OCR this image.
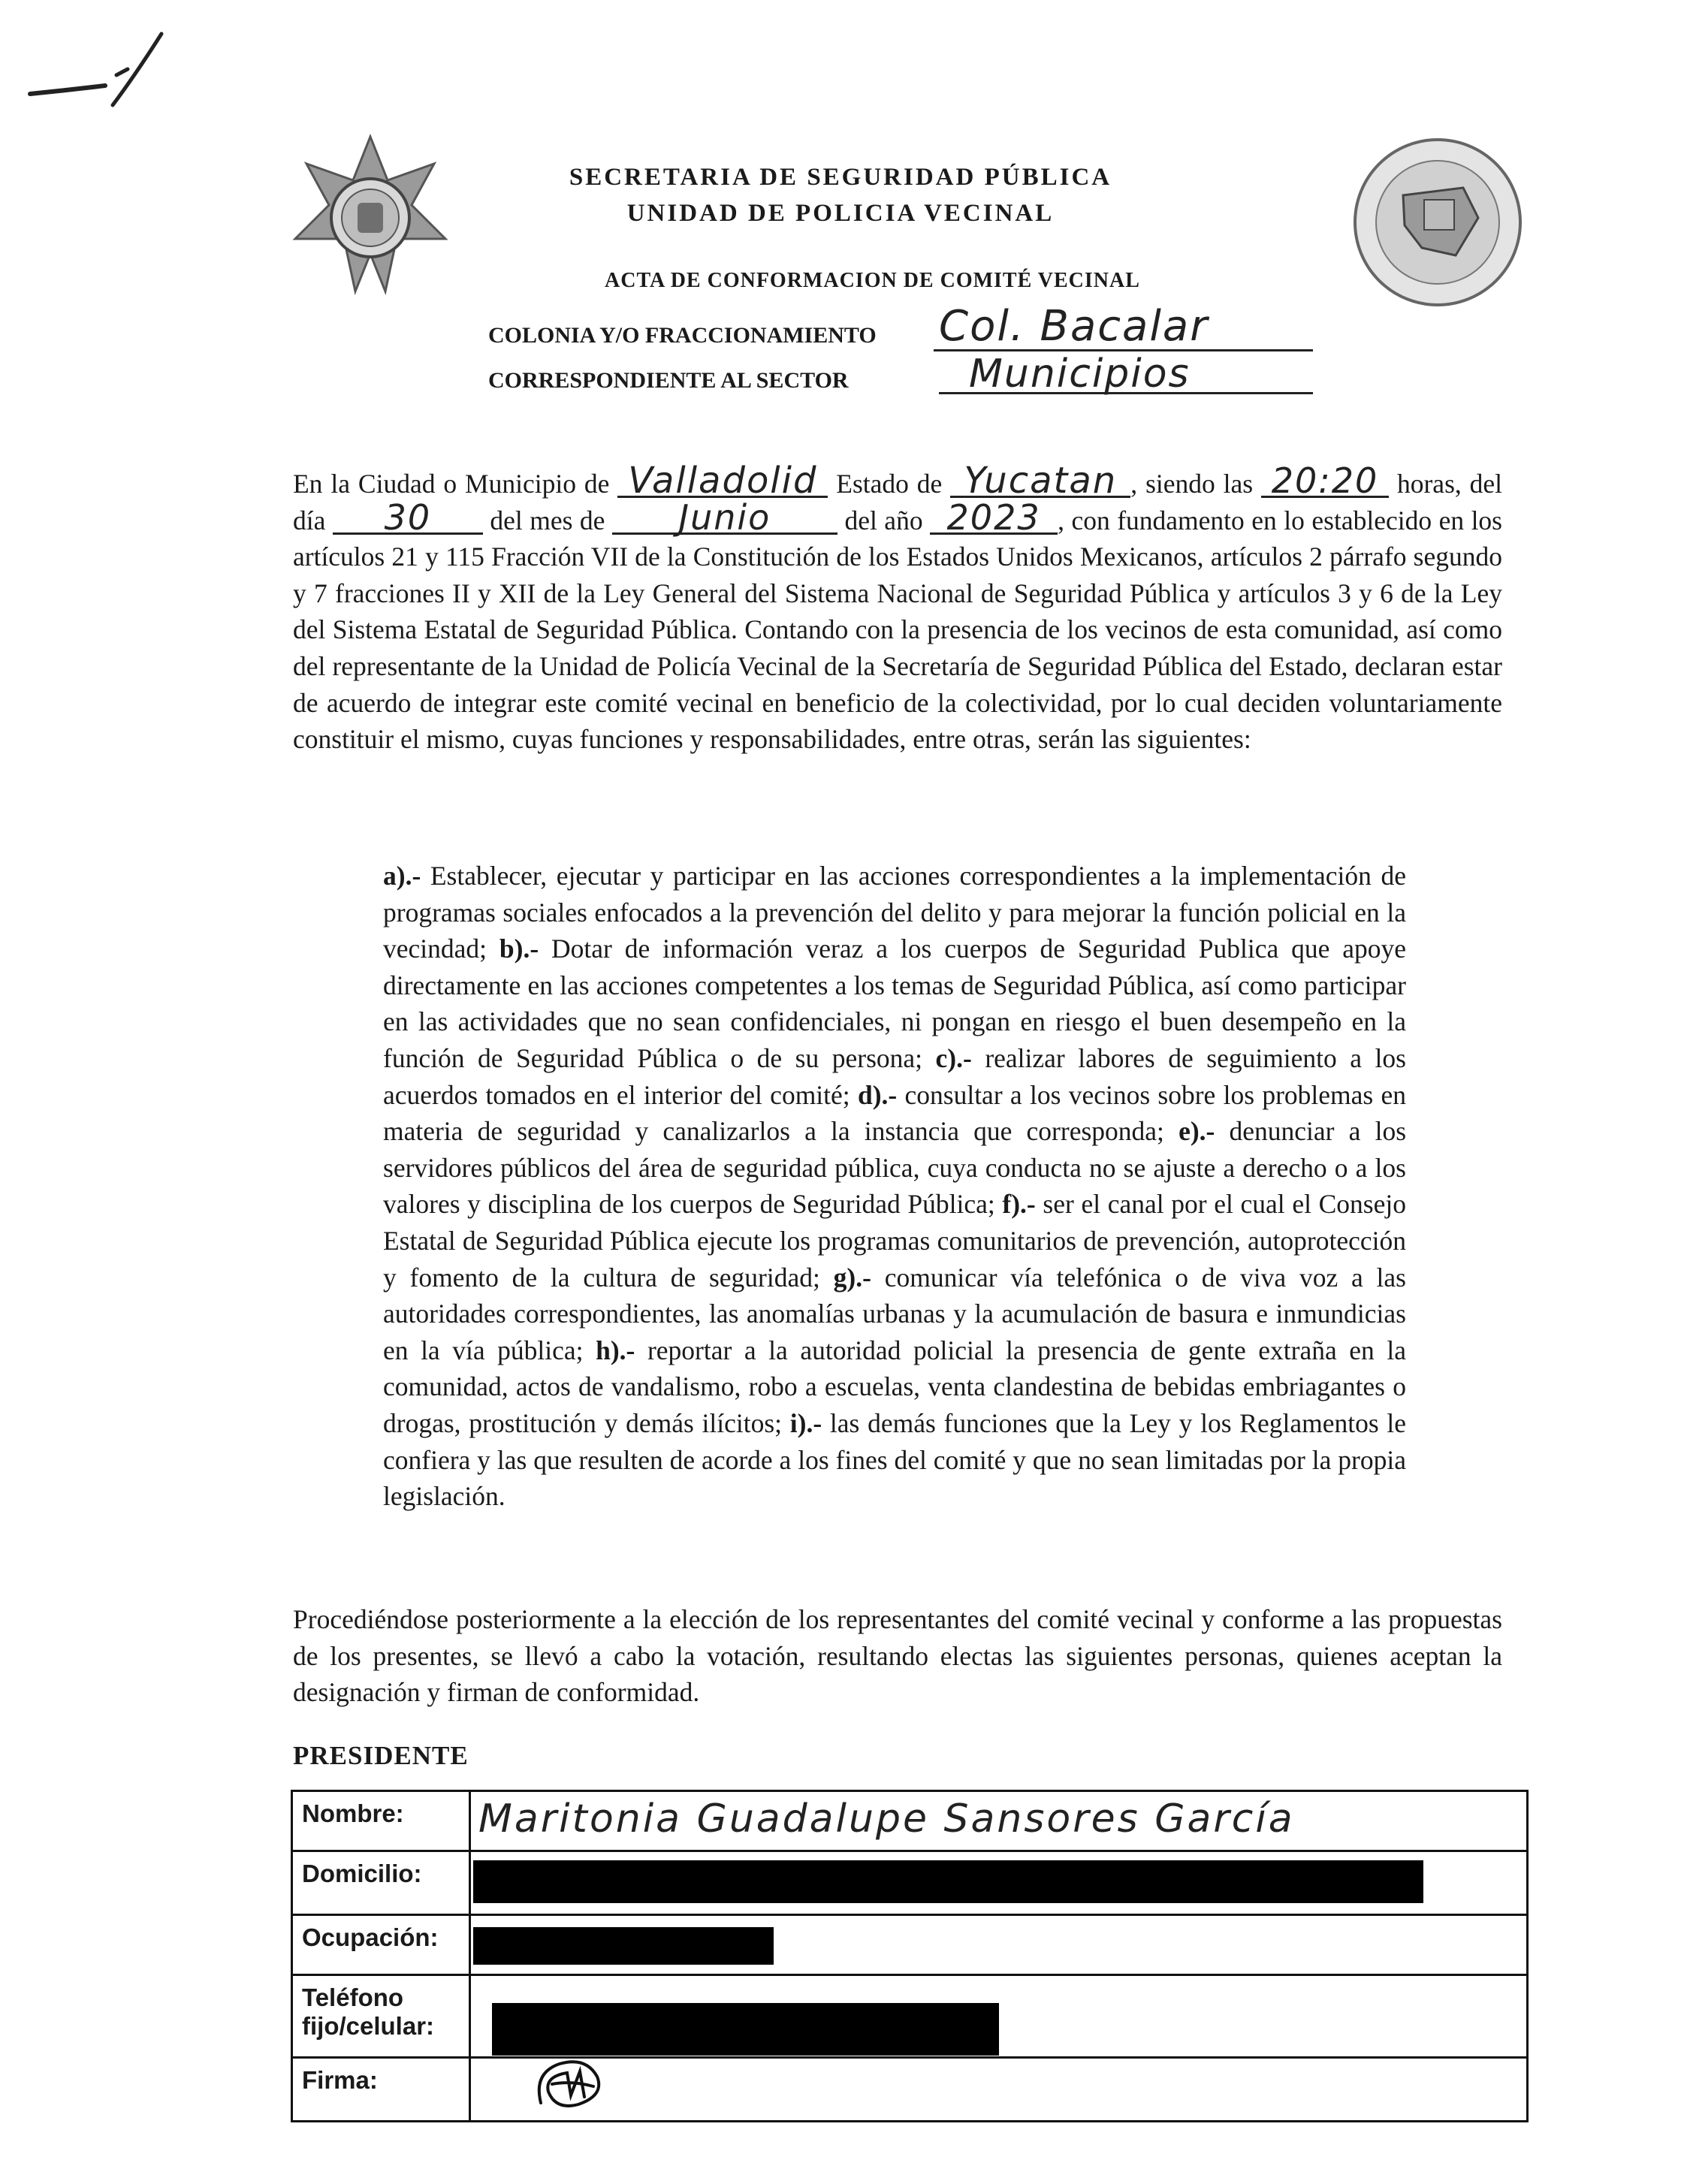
SECRETARIA DE SEGURIDAD PÚBLICA
UNIDAD DE POLICIA VECINAL
ACTA DE CONFORMACION DE COMITÉ VECINAL
COLONIA Y/O FRACCIONAMIENTO Col. Bacalar
CORRESPONDIENTE AL SECTOR	Municipios
En la Ciudad o Municipio de Valladolid Estado de Yucatan , siendo las 20:20 horas, del día 30 del mes de Junio	del año 2023 , con fundamento en lo establecido en los artículos 21 y 115 Fracción VII de la Constitución de los Estados Unidos Mexicanos, artículos 2 párrafo segundo y 7 fracciones II y XII de la Ley General del Sistema Nacional de Seguridad Pública y artículos 3 y 6 de la Ley del Sistema Estatal de Seguridad Pública. Contando con la presencia de los vecinos de esta comunidad, así como del representante de la Unidad de Policía Vecinal de la Secretaría de Seguridad Pública del Estado, declaran estar de acuerdo de integrar este comité vecinal en beneficio de la colectividad, por lo cual deciden voluntariamente constituir el mismo, cuyas funciones y responsabilidades, entre otras, serán las siguientes:
a).- Establecer, ejecutar y participar en las acciones correspondientes a la implementación de programas sociales enfocados a la prevención del delito y para mejorar la función policial en la vecindad; b).- Dotar de información veraz a los cuerpos de Seguridad Publica que apoye directamente en las acciones competentes a los temas de Seguridad Pública, así como participar en las actividades que no sean confidenciales, ni pongan en riesgo el buen desempeño en la función de Seguridad Pública o de su persona; c).- realizar labores de seguimiento a los acuerdos tomados en el interior del comité; d).- consultar a los vecinos sobre los problemas en materia de seguridad y canalizarlos a la instancia que corresponda; e).- denunciar a los servidores públicos del área de seguridad pública, cuya conducta no se ajuste a derecho o a los valores y disciplina de los cuerpos de Seguridad Pública; f).- ser el canal por el cual el Consejo Estatal de Seguridad Pública ejecute los programas comunitarios de prevención, autoprotección y fomento de la cultura de seguridad; g).- comunicar vía telefónica o de viva voz a las autoridades correspondientes, las anomalías urbanas y la acumulación de basura e inmundicias en la vía pública; h).- reportar a la autoridad policial la presencia de gente extraña en la comunidad, actos de vandalismo, robo a escuelas, venta clandestina de bebidas embriagantes o drogas, prostitución y demás ilícitos; i).- las demás funciones que la Ley y los Reglamentos le confiera y las que resulten de acorde a los fines del comité y que no sean limitadas por la propia legislación.
Procediéndose posteriormente a la elección de los representantes del comité vecinal y conforme a las propuestas de los presentes, se llevó a cabo la votación, resultando electas las siguientes personas, quienes aceptan la designación y firman de conformidad.
PRESIDENTE
Nombre:	Maritonia Guadalupe Sansores García

Domicilio:	
Ocupación:	
Teléfono
fijo/celular:	
Firma:	
